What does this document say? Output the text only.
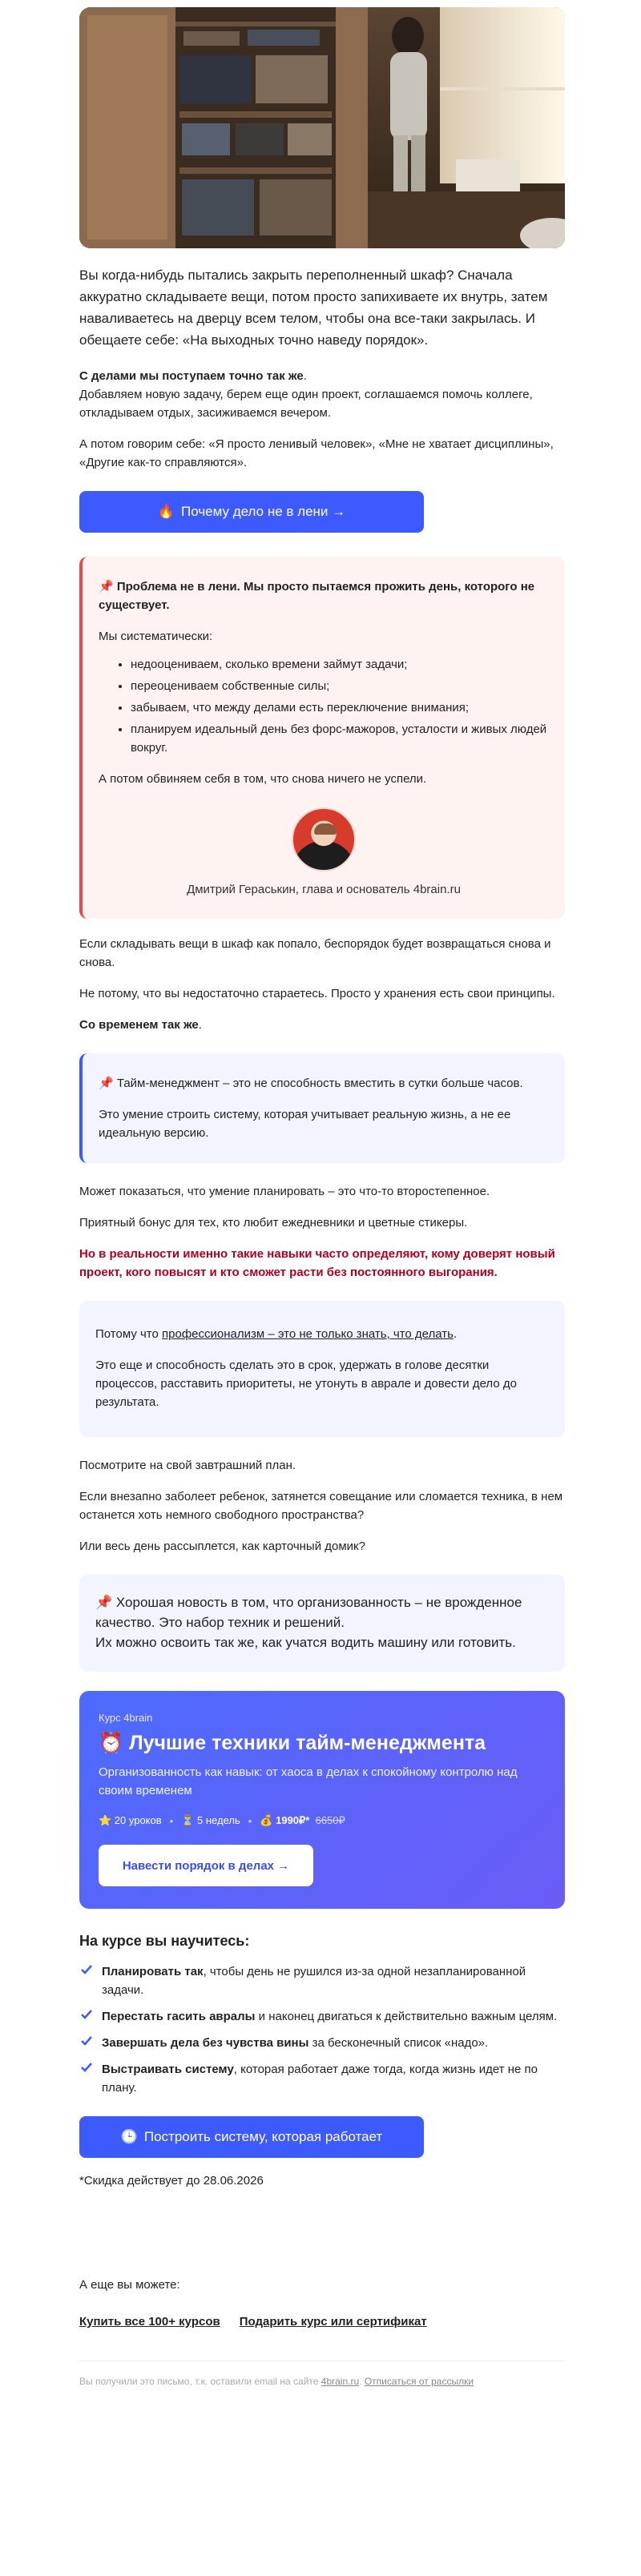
Вы когда-нибудь пытались закрыть переполненный шкаф? Сначала аккуратно складываете вещи, потом просто запихиваете их внутрь, затем наваливаетесь на дверцу всем телом, чтобы она все-таки закрылась. И обещаете себе: «На выходных точно наведу порядок».

С делами мы поступаем точно так же.
Добавляем новую задачу, берем еще один проект, соглашаемся помочь коллеге, откладываем отдых, засиживаемся вечером.

А потом говорим себе: «Я просто ленивый человек», «Мне не хватает дисциплины», «Другие как-то справляются».

🔥 Почему дело не в лени →

📌 Проблема не в лени. Мы просто пытаемся прожить день, которого не существует.

Мы систематически:

• недооцениваем, сколько времени займут задачи;
• переоцениваем собственные силы;
• забываем, что между делами есть переключение внимания;
• планируем идеальный день без форс-мажоров, усталости и живых людей вокруг.

А потом обвиняем себя в том, что снова ничего не успели.

Дмитрий Гераськин, глава и основатель 4brain.ru

Если складывать вещи в шкаф как попало, беспорядок будет возвращаться снова и снова.

Не потому, что вы недостаточно стараетесь. Просто у хранения есть свои принципы.

Со временем так же.

📌 Тайм-менеджмент – это не способность вместить в сутки больше часов.

Это умение строить систему, которая учитывает реальную жизнь, а не ее идеальную версию.

Может показаться, что умение планировать – это что-то второстепенное.

Приятный бонус для тех, кто любит ежедневники и цветные стикеры.

Но в реальности именно такие навыки часто определяют, кому доверят новый проект, кого повысят и кто сможет расти без постоянного выгорания.

Потому что профессионализм – это не только знать, что делать.

Это еще и способность сделать это в срок, удержать в голове десятки процессов, расставить приоритеты, не утонуть в аврале и довести дело до результата.

Посмотрите на свой завтрашний план.

Если внезапно заболеет ребенок, затянется совещание или сломается техника, в нем останется хоть немного свободного пространства?

Или весь день рассыплется, как карточный домик?

📌 Хорошая новость в том, что организованность – не врожденное качество. Это набор техник и решений.
Их можно освоить так же, как учатся водить машину или готовить.
Курс 4brain
⏰ Лучшие техники тайм-менеджмента
Организованность как навык: от хаоса в делах к спокойному контролю над своим временем
⭐ 20 уроков • ⏳ 5 недель • 💰
1990₽*
6650₽
Навести порядок в делах →
На курсе вы научитесь:
Планировать так, чтобы день не рушился из-за одной незапланированной задачи.
Перестать гасить авралы и наконец двигаться к действительно важным целям.
Завершать дела без чувства вины за бесконечный список «надо».
Выстраивать систему, которая работает даже тогда, когда жизнь идет не по плану.
🕒 Построить систему, которая работает

*Скидка действует до 28.06.2026

А еще вы можете:

Купить все 100+ курсов Подарить курс или сертификат
Вы получили это письмо, т.к. оставили email на сайте 4brain.ru. Отписаться от рассылки
